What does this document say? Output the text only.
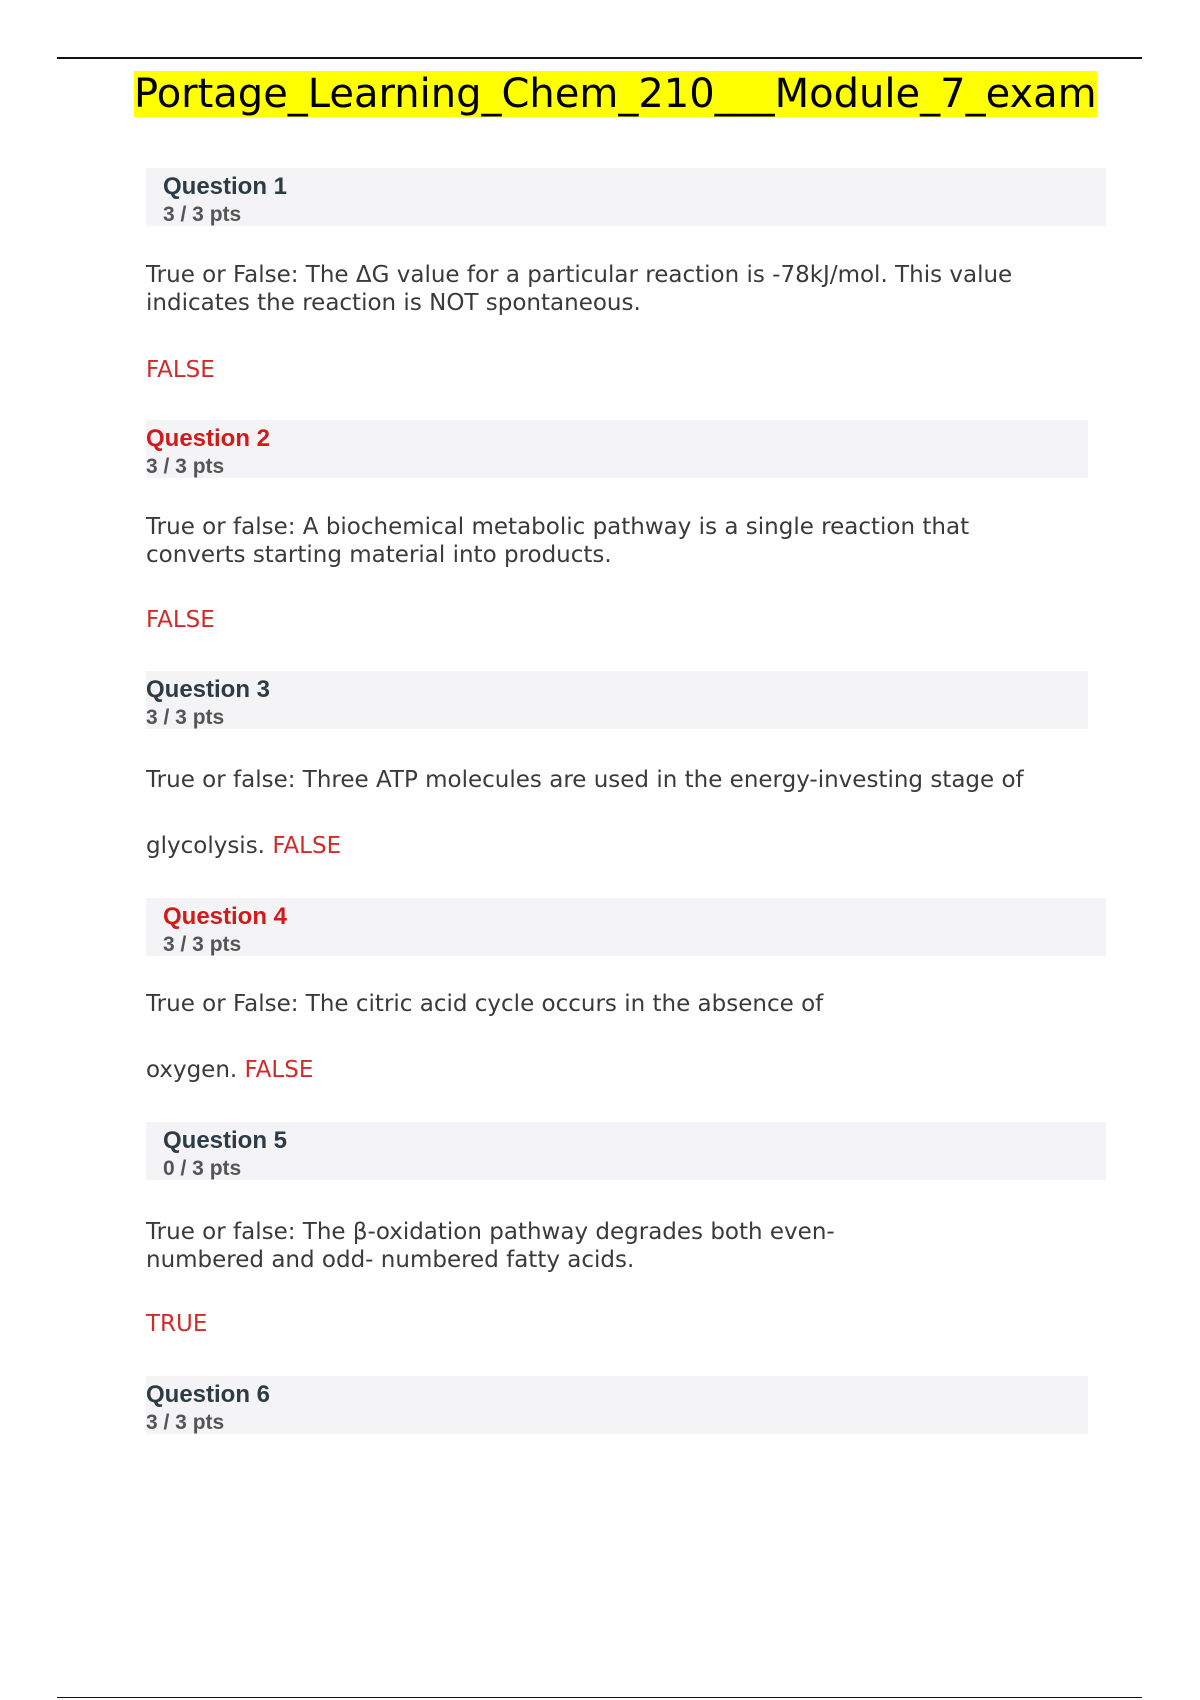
Portage_Learning_Chem_210___Module_7_exam
Question 1
3 / 3 pts
True or False: The ΔG value for a particular reaction is -78kJ/mol. This value indicates the reaction is NOT spontaneous.
FALSE
Question 2
3 / 3 pts
True or false: A biochemical metabolic pathway is a single reaction that converts starting material into products.
FALSE
Question 3
3 / 3 pts
True or false: Three ATP molecules are used in the energy-investing stage of
glycolysis. FALSE
Question 4
3 / 3 pts
True or False: The citric acid cycle occurs in the absence of
oxygen. FALSE
Question 5
0 / 3 pts
True or false: The β-oxidation pathway degrades both even-
numbered and odd- numbered fatty acids.
TRUE
Question 6
3 / 3 pts
